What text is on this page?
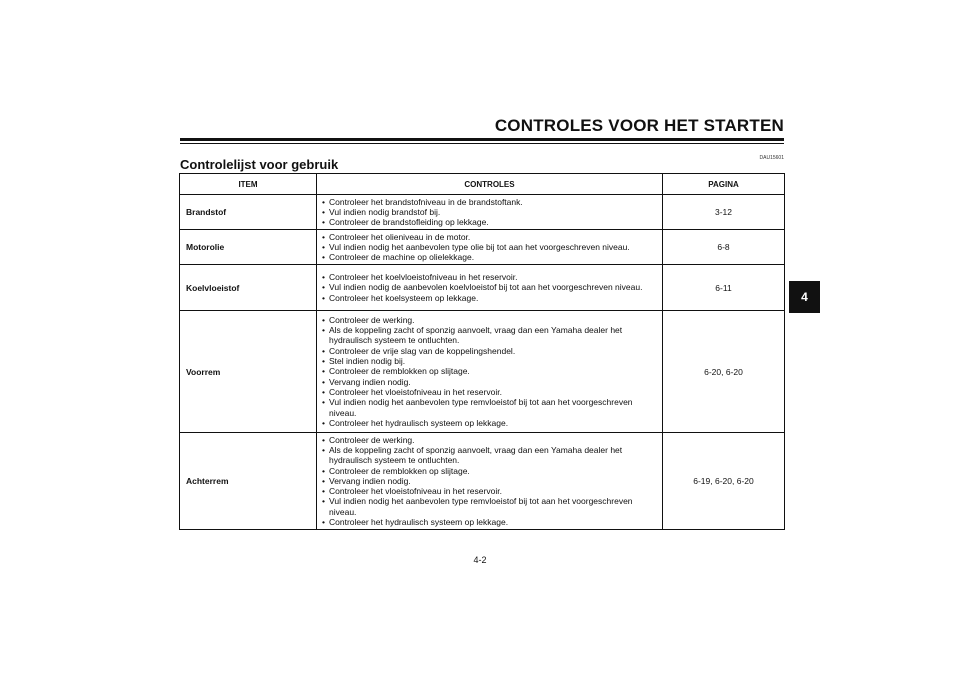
CONTROLES VOOR HET STARTEN
DAU15601
Controlelijst voor gebruik
4
ITEM	CONTROLES	PAGINA
Brandstof
• Controleer het brandstofniveau in de brandstoftank.
• Vul indien nodig brandstof bij.
• Controleer de brandstofleiding op lekkage.
3-12
Motorolie
• Controleer het olieniveau in de motor.
• Vul indien nodig het aanbevolen type olie bij tot aan het voorgeschreven niveau.
• Controleer de machine op olielekkage.
6-8
Koelvloeistof
• Controleer het koelvloeistofniveau in het reservoir.
• Vul indien nodig de aanbevolen koelvloeistof bij tot aan het voorgeschreven niveau.
• Controleer het koelsysteem op lekkage.
6-11
Voorrem
• Controleer de werking.
• Als de koppeling zacht of sponzig aanvoelt, vraag dan een Yamaha dealer het hydraulisch systeem te ontluchten.
• Controleer de vrije slag van de koppelingshendel.
• Stel indien nodig bij.
• Controleer de remblokken op slijtage.
• Vervang indien nodig.
• Controleer het vloeistofniveau in het reservoir.
• Vul indien nodig het aanbevolen type remvloeistof bij tot aan het voorgeschreven niveau.
• Controleer het hydraulisch systeem op lekkage.
6-20, 6-20
Achterrem
• Controleer de werking.
• Als de koppeling zacht of sponzig aanvoelt, vraag dan een Yamaha dealer het hydraulisch systeem te ontluchten.
• Controleer de remblokken op slijtage.
• Vervang indien nodig.
• Controleer het vloeistofniveau in het reservoir.
• Vul indien nodig het aanbevolen type remvloeistof bij tot aan het voorgeschreven niveau.
• Controleer het hydraulisch systeem op lekkage.
6-19, 6-20, 6-20
4-2
